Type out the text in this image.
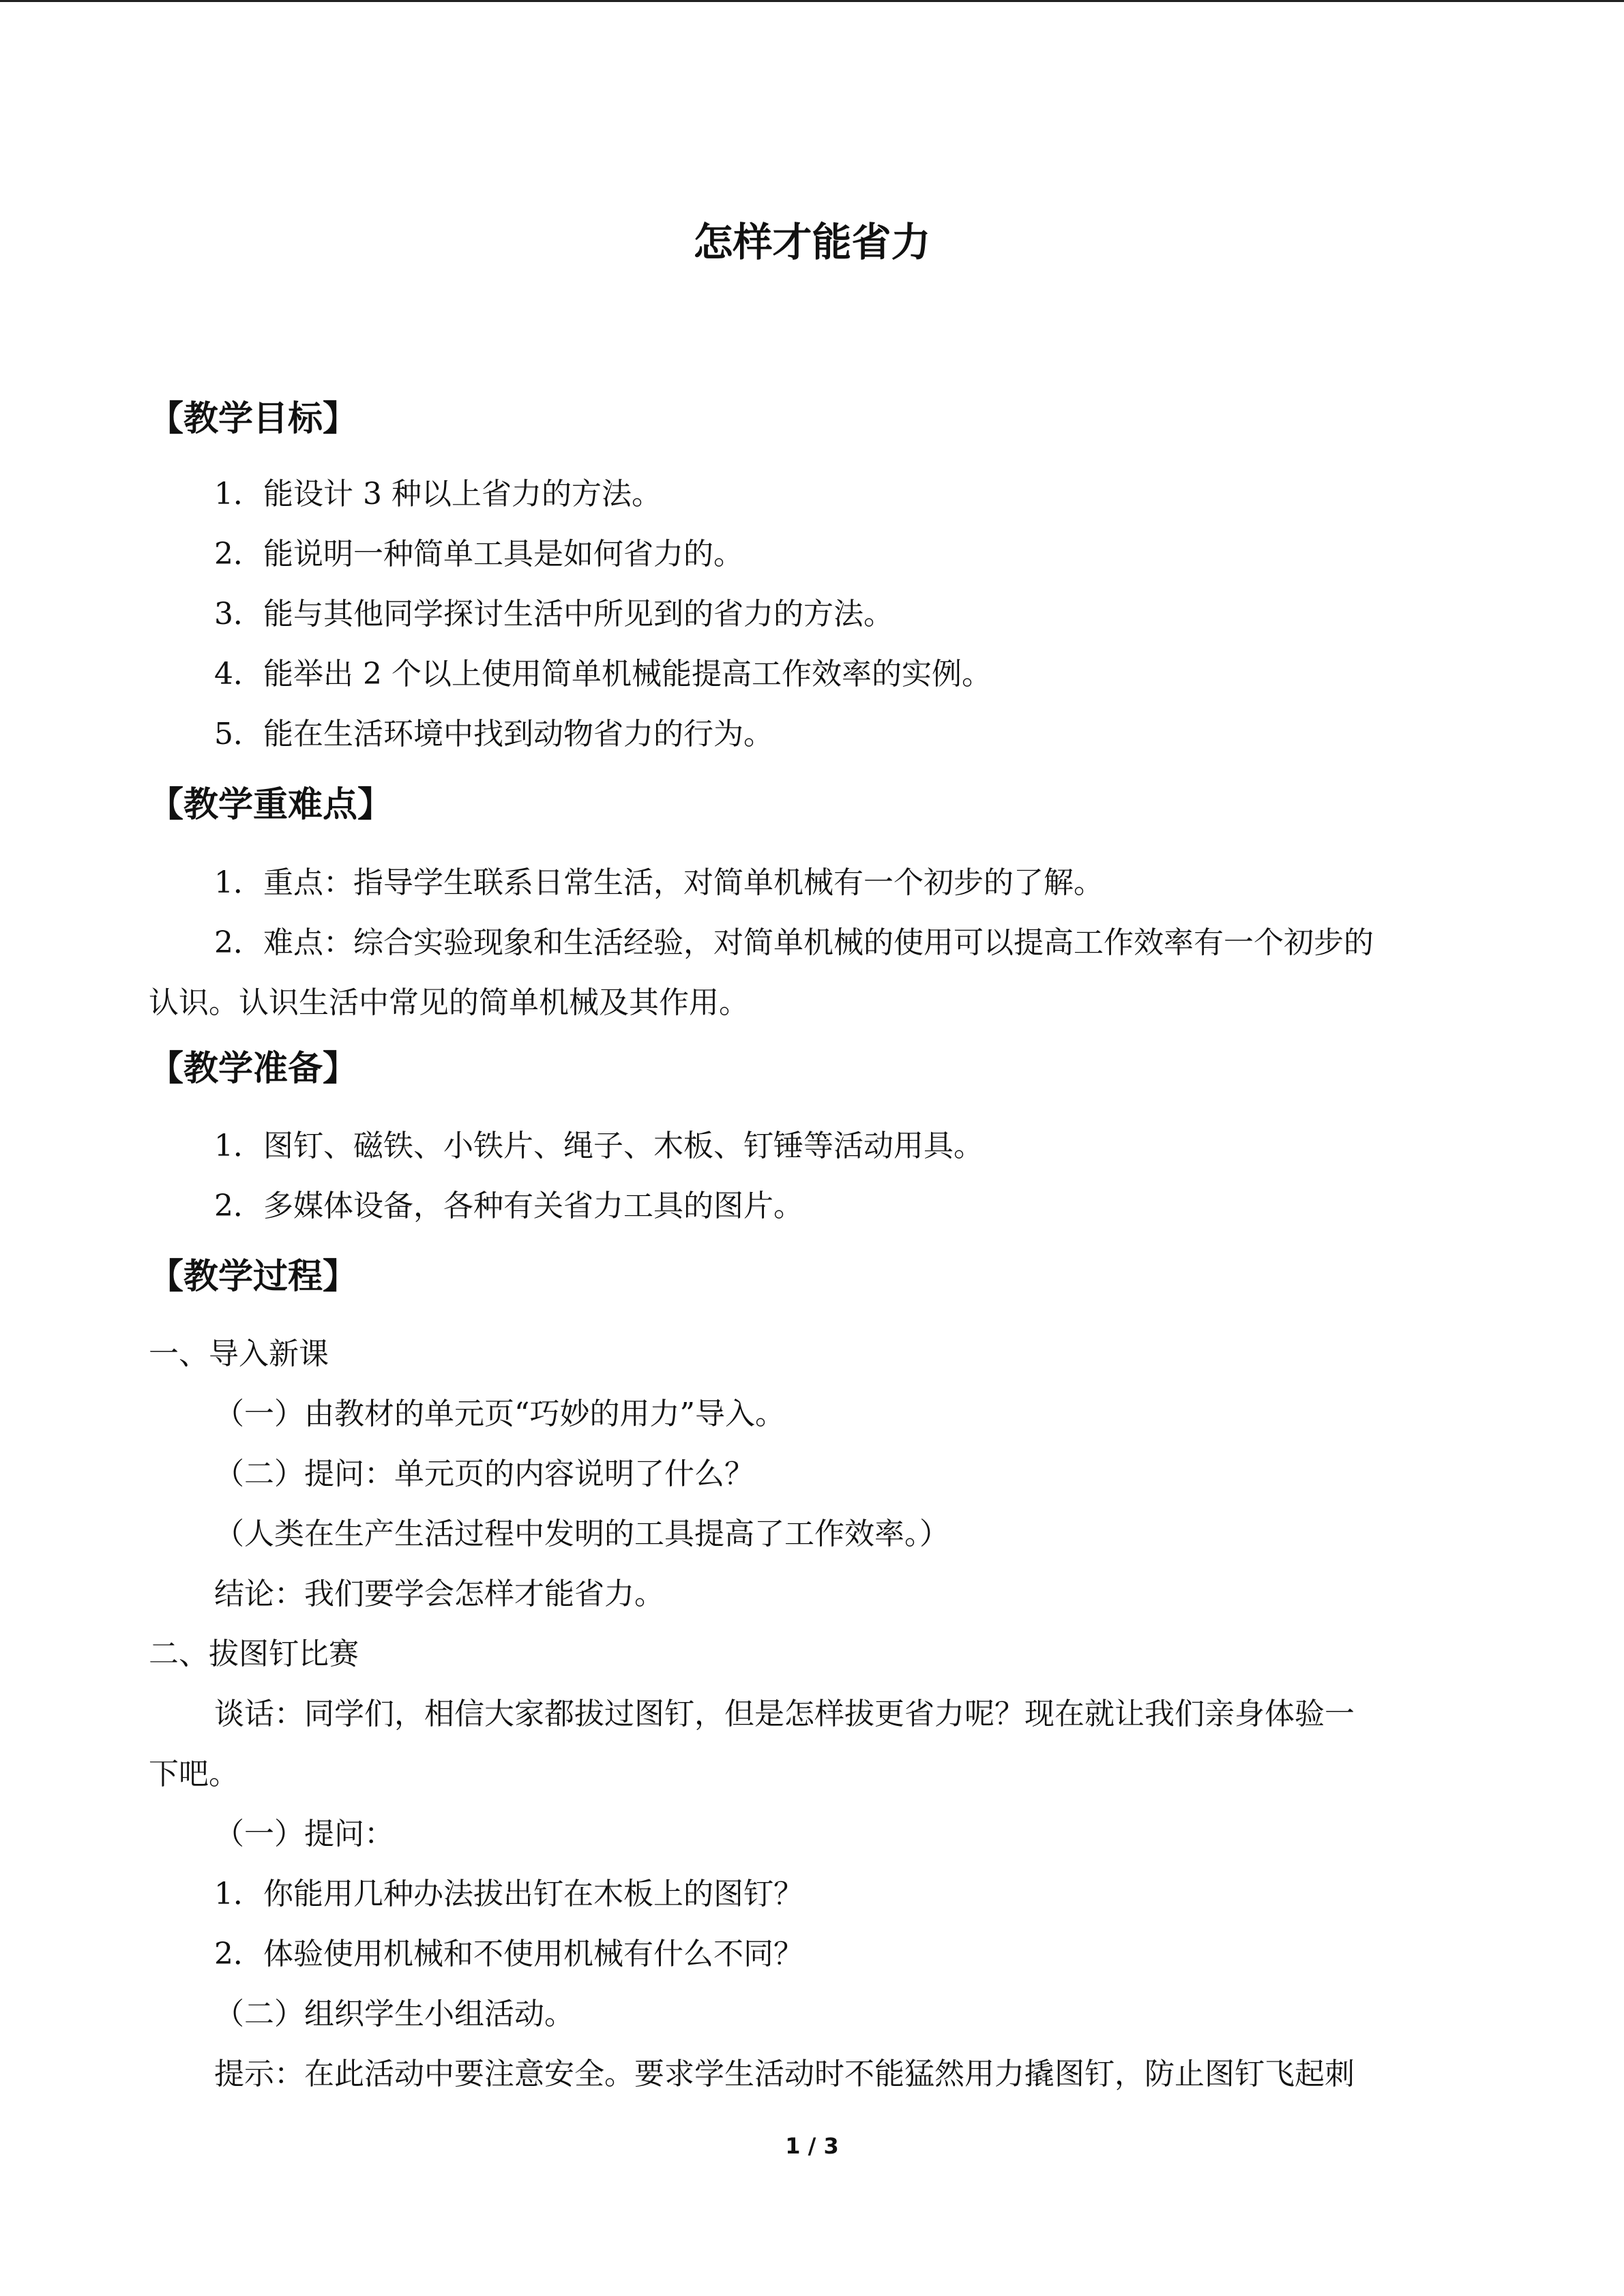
怎样才能省力
【教学目标】
1．能设计 3 种以上省力的方法。
2．能说明一种简单工具是如何省力的。
3．能与其他同学探讨生活中所见到的省力的方法。
4．能举出 2 个以上使用简单机械能提高工作效率的实例。
5．能在生活环境中找到动物省力的行为。
【教学重难点】
1．重点：指导学生联系日常生活，对简单机械有一个初步的了解。
2．难点：综合实验现象和生活经验，对简单机械的使用可以提高工作效率有一个初步的
认识。认识生活中常见的简单机械及其作用。
【教学准备】
1．图钉、磁铁、小铁片、绳子、木板、钉锤等活动用具。
2．多媒体设备，各种有关省力工具的图片。
【教学过程】
一、导入新课
（一）由教材的单元页“巧妙的用力”导入。
（二）提问：单元页的内容说明了什么？
（人类在生产生活过程中发明的工具提高了工作效率。）
结论：我们要学会怎样才能省力。
二、拔图钉比赛
谈话：同学们，相信大家都拔过图钉，但是怎样拔更省力呢？现在就让我们亲身体验一
下吧。
（一）提问：
1．你能用几种办法拔出钉在木板上的图钉？
2．体验使用机械和不使用机械有什么不同？
（二）组织学生小组活动。
提示：在此活动中要注意安全。要求学生活动时不能猛然用力撬图钉，防止图钉飞起刺
1 / 3
